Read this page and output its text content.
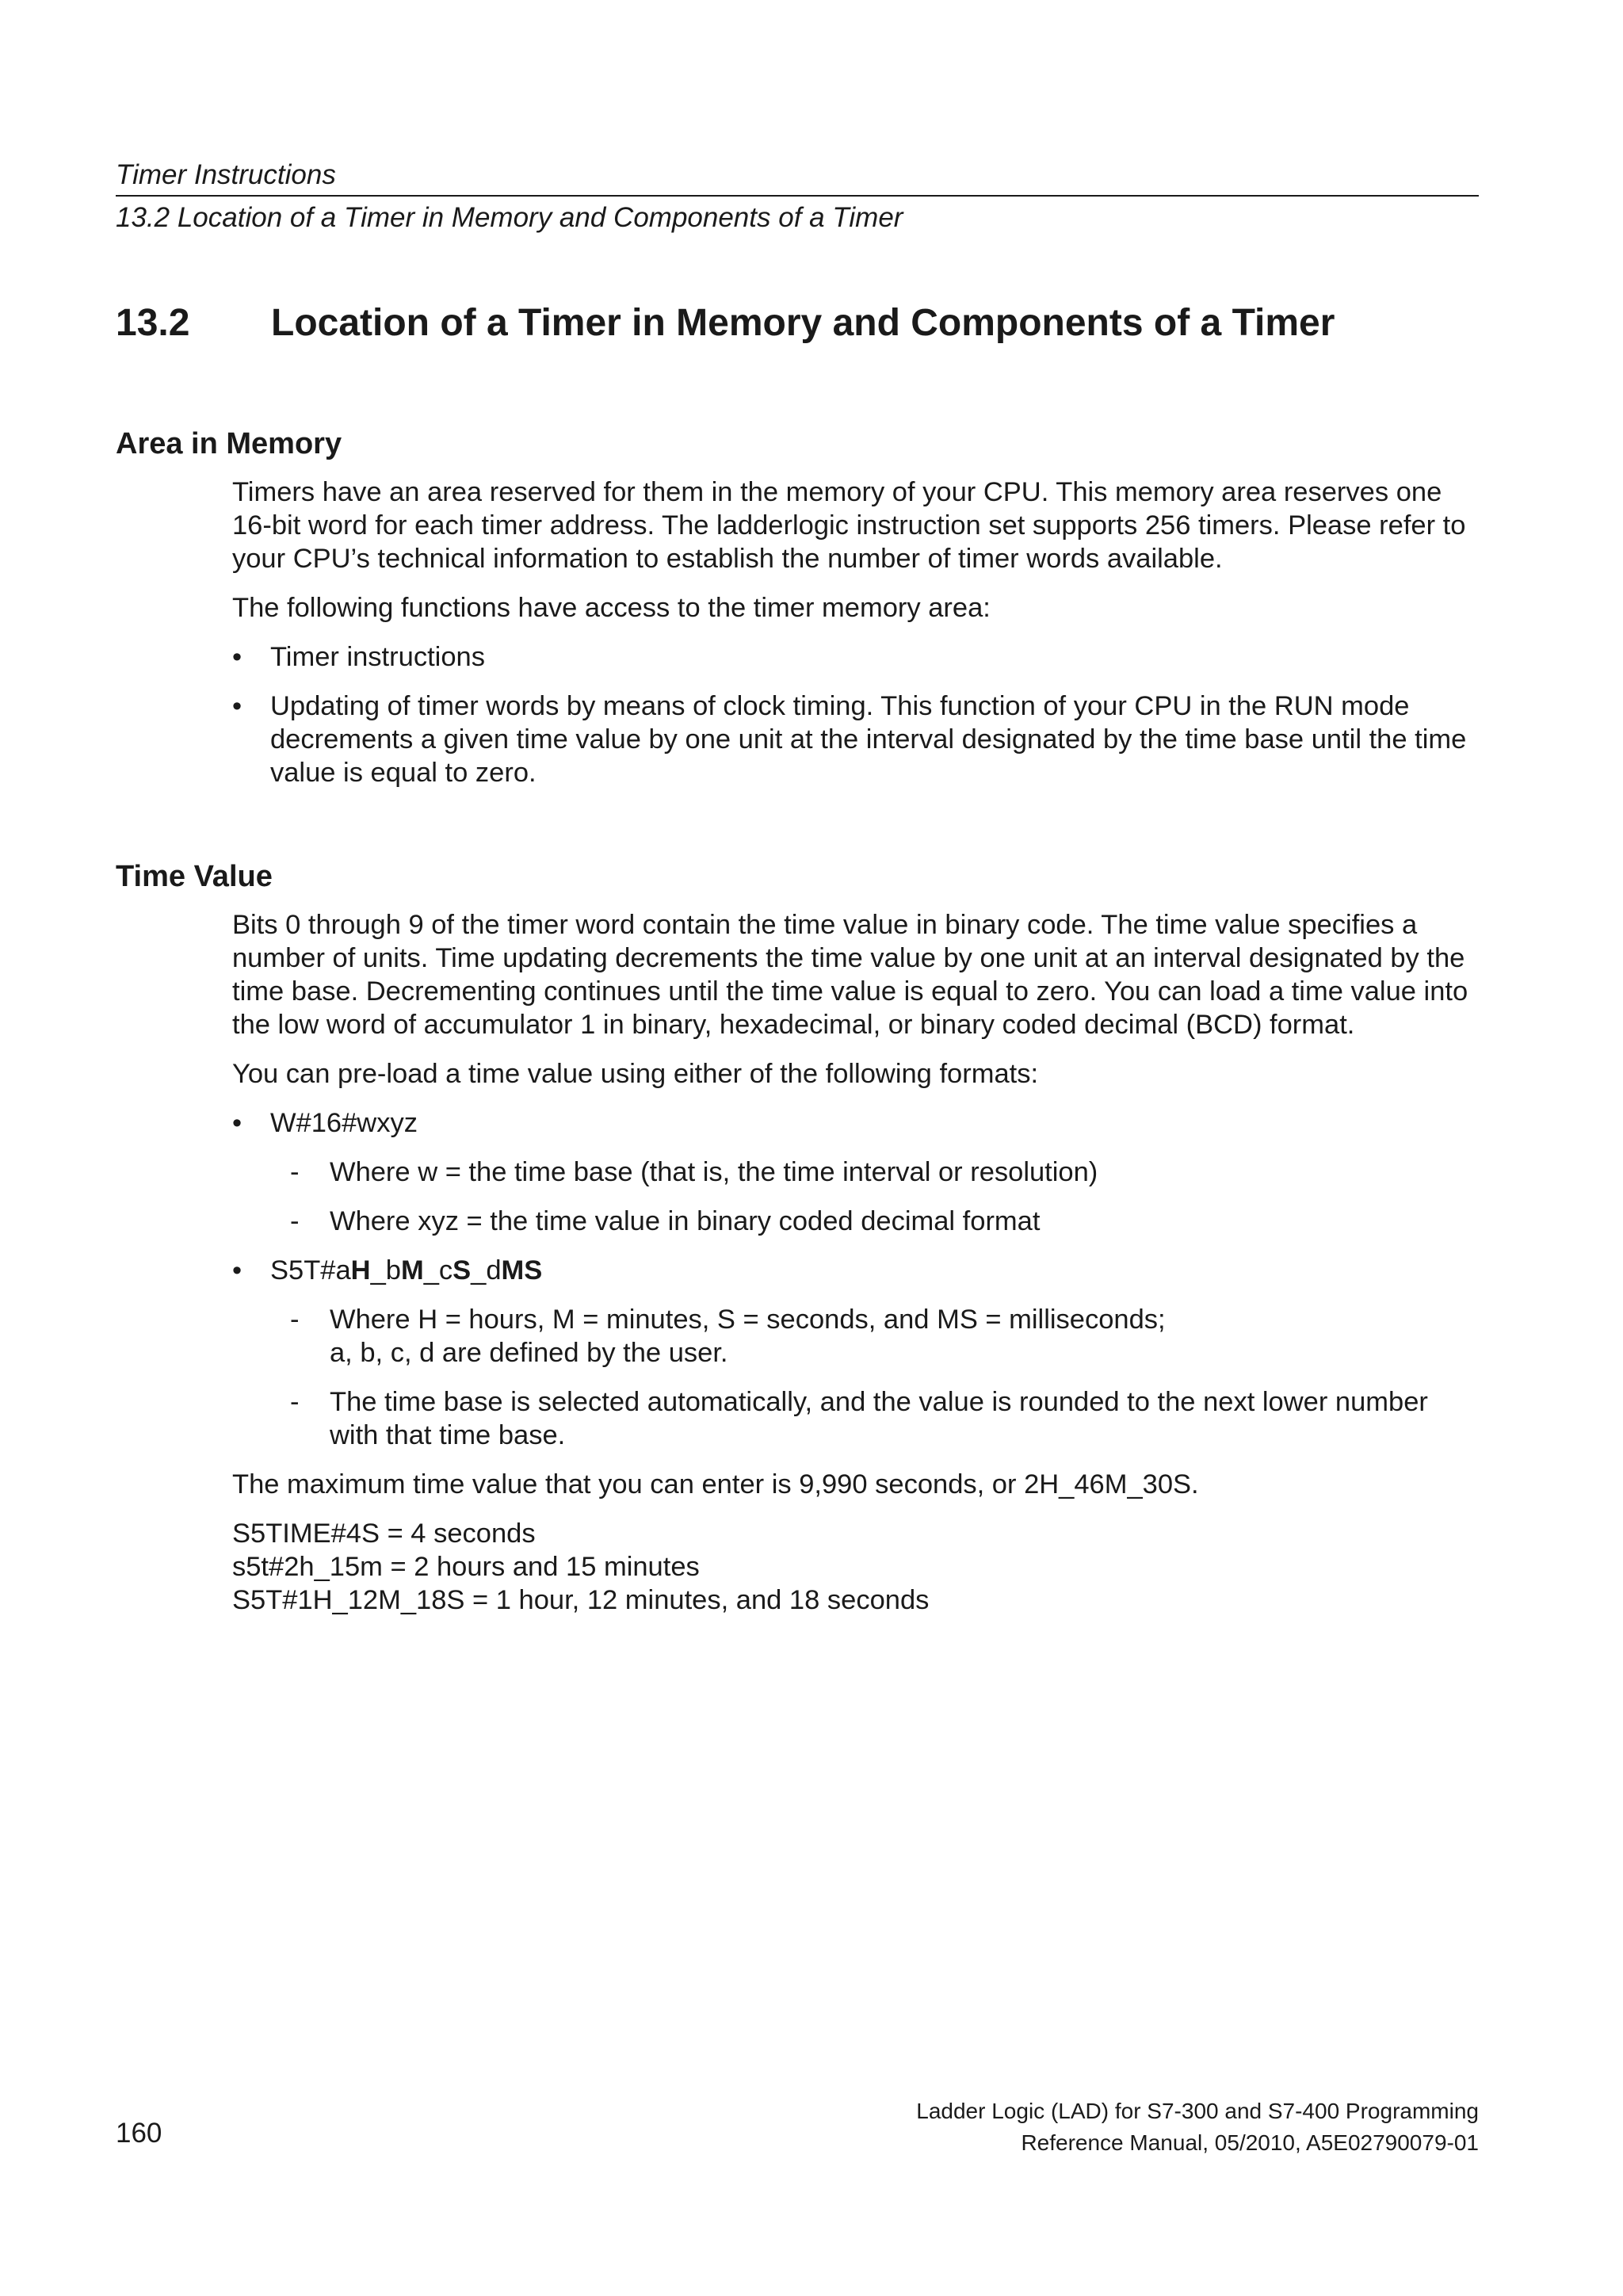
Timer Instructions
13.2 Location of a Timer in Memory and Components of a Timer
13.2 Location of a Timer in Memory and Components of a Timer
Area in Memory

Timers have an area reserved for them in the memory of your CPU. This memory area reserves one 16-bit word for each timer address. The ladderlogic instruction set supports 256 timers. Please refer to your CPU’s technical information to establish the number of timer words available.

The following functions have access to the timer memory area:

•	Timer instructions
•	Updating of timer words by means of clock timing. This function of your CPU in the RUN mode decrements a given time value by one unit at the interval designated by the time base until the time value is equal to zero.
Time Value

Bits 0 through 9 of the timer word contain the time value in binary code. The time value specifies a number of units. Time updating decrements the time value by one unit at an interval designated by the time base. Decrementing continues until the time value is equal to zero. You can load a time value into the low word of accumulator 1 in binary, hexadecimal, or binary coded decimal (BCD) format.

You can pre-load a time value using either of the following formats:

•	W#16#wxyz
- Where w = the time base (that is, the time interval or resolution)
- Where xyz = the time value in binary coded decimal format
•	S5T#aH_bM_cS_dMS
- Where H = hours, M = minutes, S = seconds, and MS = milliseconds;
a, b, c, d are defined by the user.
- The time base is selected automatically, and the value is rounded to the next lower number with that time base.

The maximum time value that you can enter is 9,990 seconds, or 2H_46M_30S.

S5TIME#4S = 4 seconds

s5t#2h_15m = 2 hours and 15 minutes

S5T#1H_12M_18S = 1 hour, 12 minutes, and 18 seconds

160
Ladder Logic (LAD) for S7-300 and S7-400 Programming
Reference Manual, 05/2010, A5E02790079-01
